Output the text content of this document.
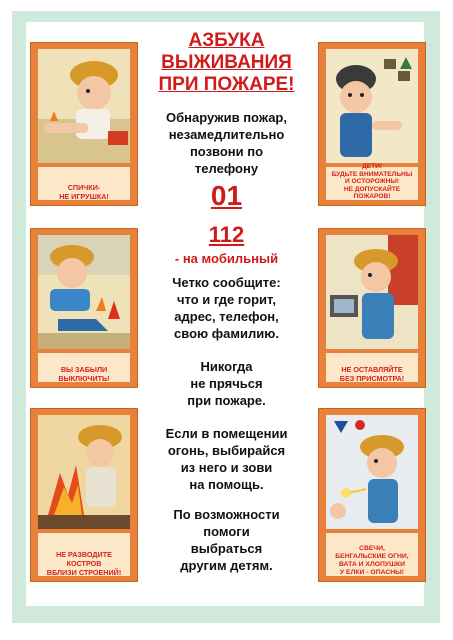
СПИЧКИ-
НЕ ИГРУШКА!
ВЫ ЗАБЫЛИ
ВЫКЛЮЧИТЬ!
НЕ РАЗВОДИТЕ
КОСТРОВ
ВБЛИЗИ СТРОЕНИЙ!
ДЕТИ!
БУДЬТЕ ВНИМАТЕЛЬНЫ
И ОСТОРОЖНЫ!
НЕ ДОПУСКАЙТЕ
ПОЖАРОВ!
НЕ ОСТАВЛЯЙТЕ
БЕЗ ПРИСМОТРА!
СВЕЧИ,
БЕНГАЛЬСКИЕ ОГНИ,
ВАТА И ХЛОПУШКИ
У ЕЛКИ - ОПАСНЫ!
АЗБУКА
ВЫЖИВАНИЯ
ПРИ ПОЖАРЕ!
Обнаружив пожар,
незамедлительно
позвони по
телефону
01
112
- на мобильный
Четко сообщите:
что и где горит,
адрес, телефон,
свою фамилию.
Никогда
не прячься
при пожаре.
Если в помещении
огонь, выбирайся
из него и зови
на помощь.
По возможности
помоги
выбраться
другим детям.
